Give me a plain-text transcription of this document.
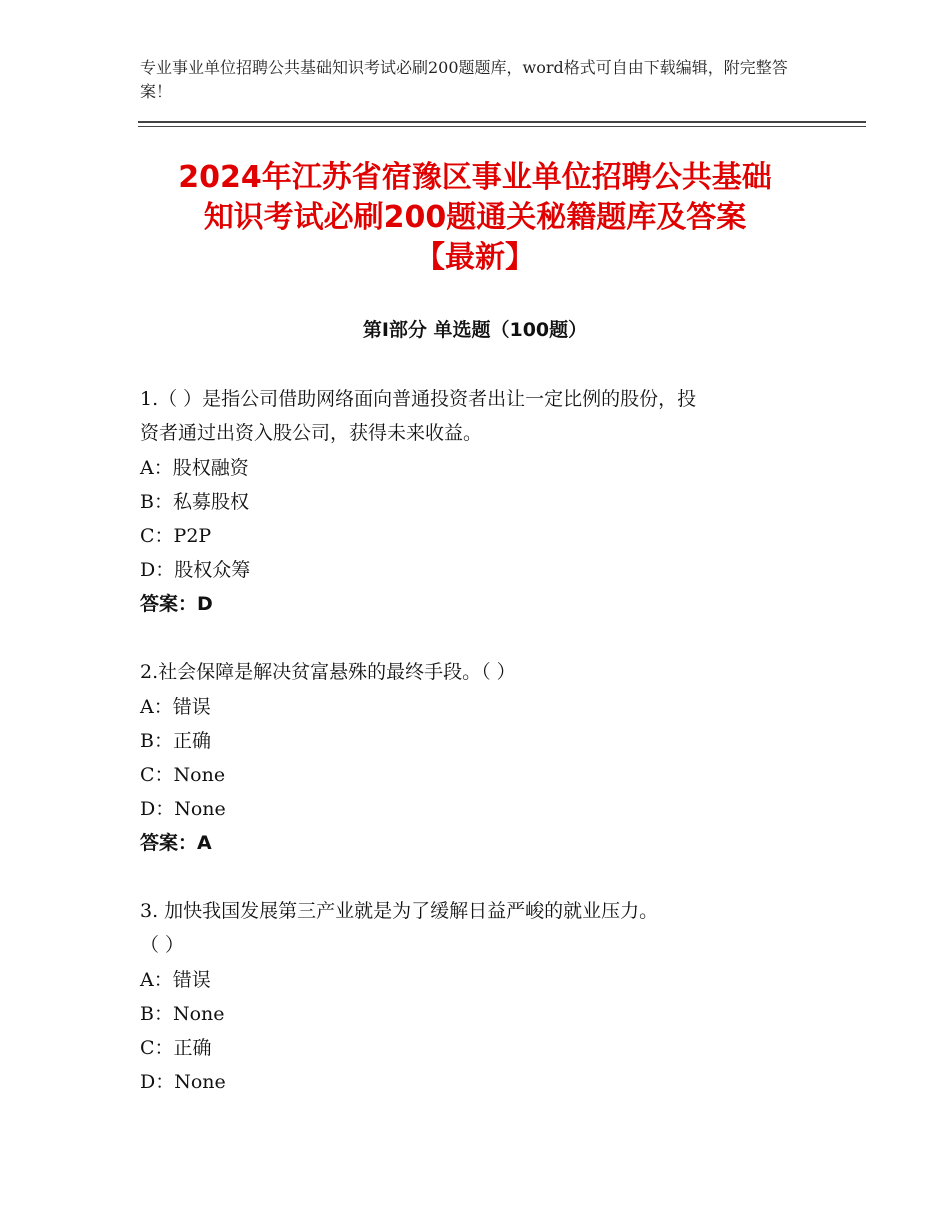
专业事业单位招聘公共基础知识考试必刷200题题库，word格式可自由下载编辑，附完整答案！
2024年江苏省宿豫区事业单位招聘公共基础
知识考试必刷200题通关秘籍题库及答案
【最新】
第Ⅰ部分 单选题（100题）
1.（ ）是指公司借助网络面向普通投资者出让一定比例的股份，投
资者通过出资入股公司，获得未来收益。
A：股权融资
B：私募股权
C：P2P
D：股权众筹
答案：D
2.社会保障是解决贫富悬殊的最终手段。（ ）
A：错误
B：正确
C：None
D：None
答案：A
3. 加快我国发展第三产业就是为了缓解日益严峻的就业压力。
（ ）
A：错误
B：None
C：正确
D：None
